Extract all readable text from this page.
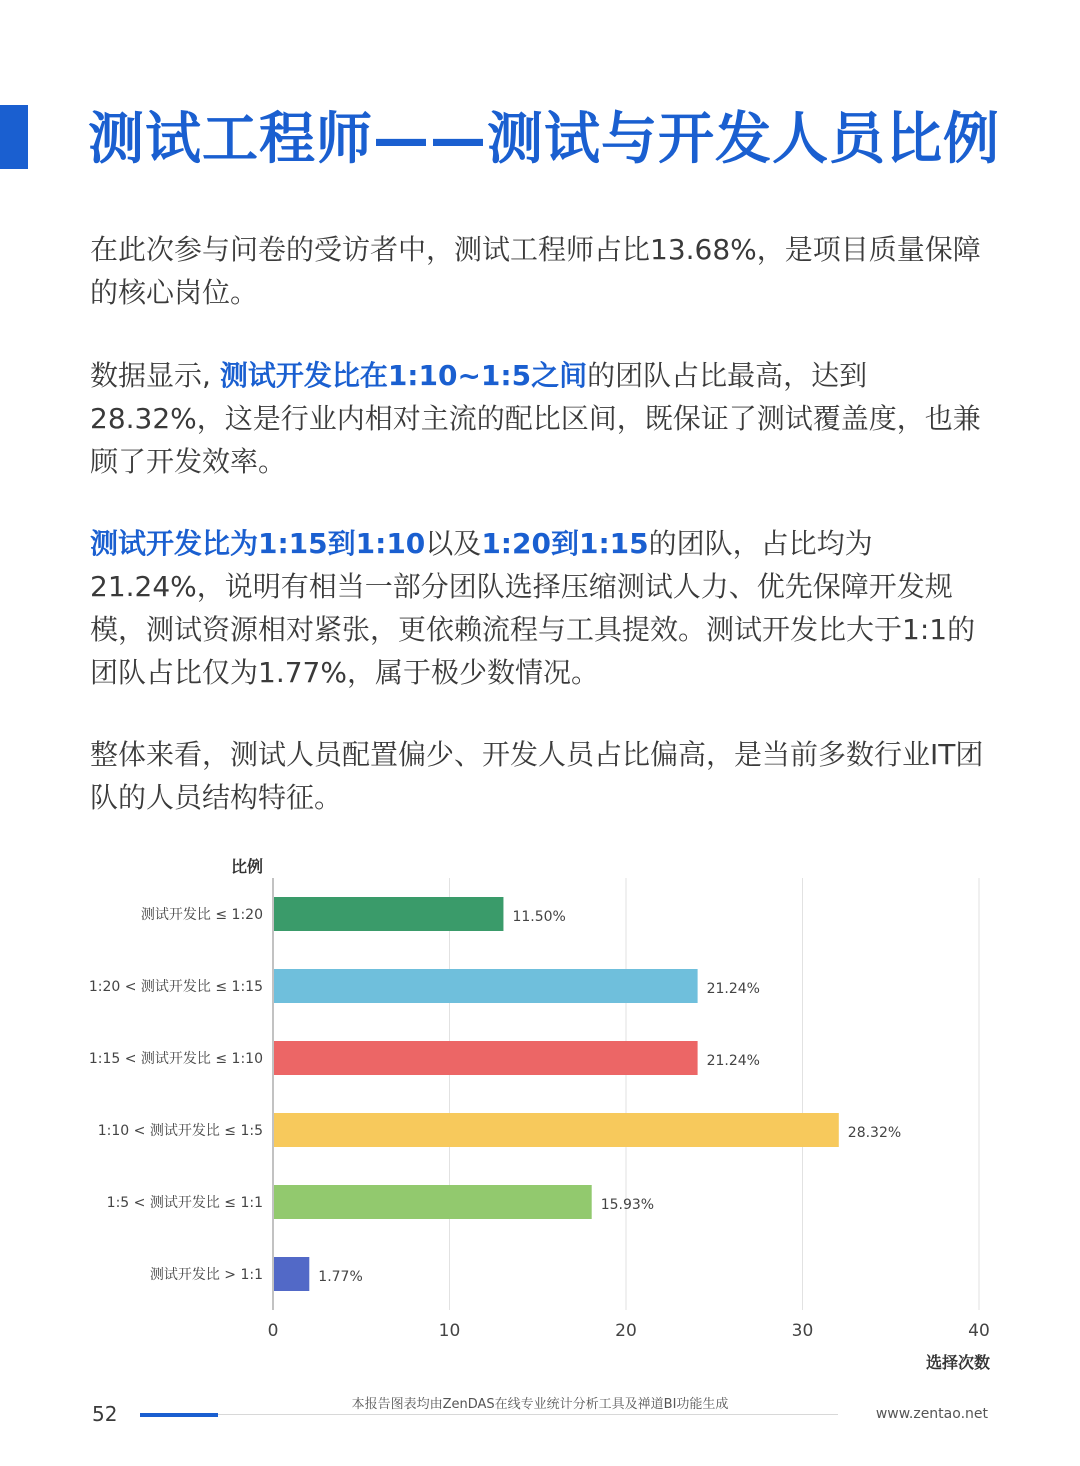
测试工程师——测试与开发人员比例

在此次参与问卷的受访者中，测试工程师占比13.68%，是项目质量保障的核心岗位。

数据显示, 测试开发比在1:10~1:5之间的团队占比最高，达到28.32%，这是行业内相对主流的配比区间，既保证了测试覆盖度，也兼顾了开发效率。

测试开发比为1:15到1:10以及1:20到1:15的团队，占比均为21.24%，说明有相当一部分团队选择压缩测试人力、优先保障开发规模，测试资源相对紧张，更依赖流程与工具提效。测试开发比大于1:1的团队占比仅为1.77%，属于极少数情况。

整体来看，测试人员配置偏少、开发人员占比偏高，是当前多数行业IT团队的人员结构特征。

0	10	20	30	40
比例
选择次数
测试开发比 ≤ 1:20	11.50%
1:20 < 测试开发比 ≤ 1:15	21.24%
1:15 < 测试开发比 ≤ 1:10	21.24%
1:10 < 测试开发比 ≤ 1:5	28.32%
1:5 < 测试开发比 ≤ 1:1	15.93%
测试开发比 > 1:1	1.77%
52	本报告图表均由ZenDAS在线专业统计分析工具及禅道BI功能生成
www.zentao.net
